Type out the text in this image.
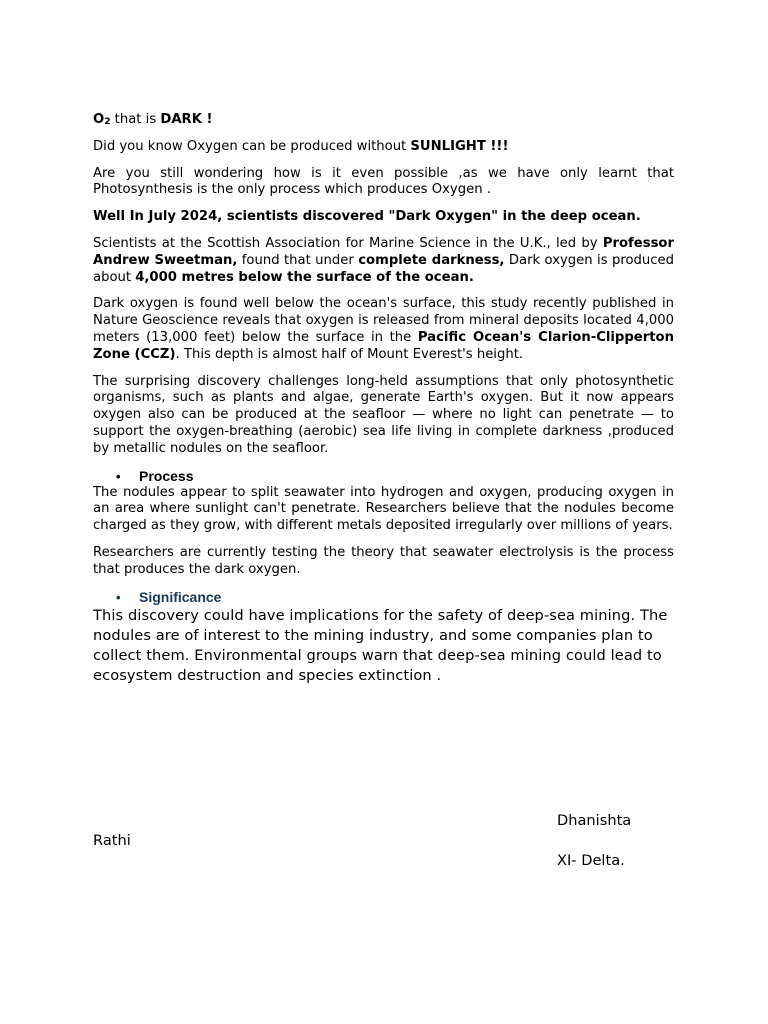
$O_2$ that is DARK !

Did you know Oxygen can be produced without SUNLIGHT !!!

Are you still wondering how is it even possible ,as we have only learnt that Photosynthesis is the only process which produces Oxygen .

Well In July 2024, scientists discovered "Dark Oxygen" in the deep ocean.

Scientists at the Scottish Association for Marine Science in the U.K., led by Professor Andrew Sweetman, found that under complete darkness, Dark oxygen is produced about 4,000 metres below the surface of the ocean.

Dark oxygen is found well below the ocean's surface, this study recently published in Nature Geoscience reveals that oxygen is released from mineral deposits located 4,000 meters (13,000 feet) below the surface in the Pacific Ocean's Clarion-Clipperton Zone (CCZ). This depth is almost half of Mount Everest's height.

The surprising discovery challenges long-held assumptions that only photosynthetic organisms, such as plants and algae, generate Earth's oxygen. But it now appears oxygen also can be produced at the seafloor — where no light can penetrate — to support the oxygen-breathing (aerobic) sea life living in complete darkness ,produced by metallic nodules on the seafloor.

• Process

The nodules appear to split seawater into hydrogen and oxygen, producing oxygen in an area where sunlight can't penetrate. Researchers believe that the nodules become charged as they grow, with different metals deposited irregularly over millions of years.

Researchers are currently testing the theory that seawater electrolysis is the process that produces the dark oxygen.

• Significance

This discovery could have implications for the safety of deep-sea mining. The nodules are of interest to the mining industry, and some companies plan to collect them. Environmental groups warn that deep-sea mining could lead to ecosystem destruction and species extinction .

Dhanishta
Rathi
XI- Delta.
